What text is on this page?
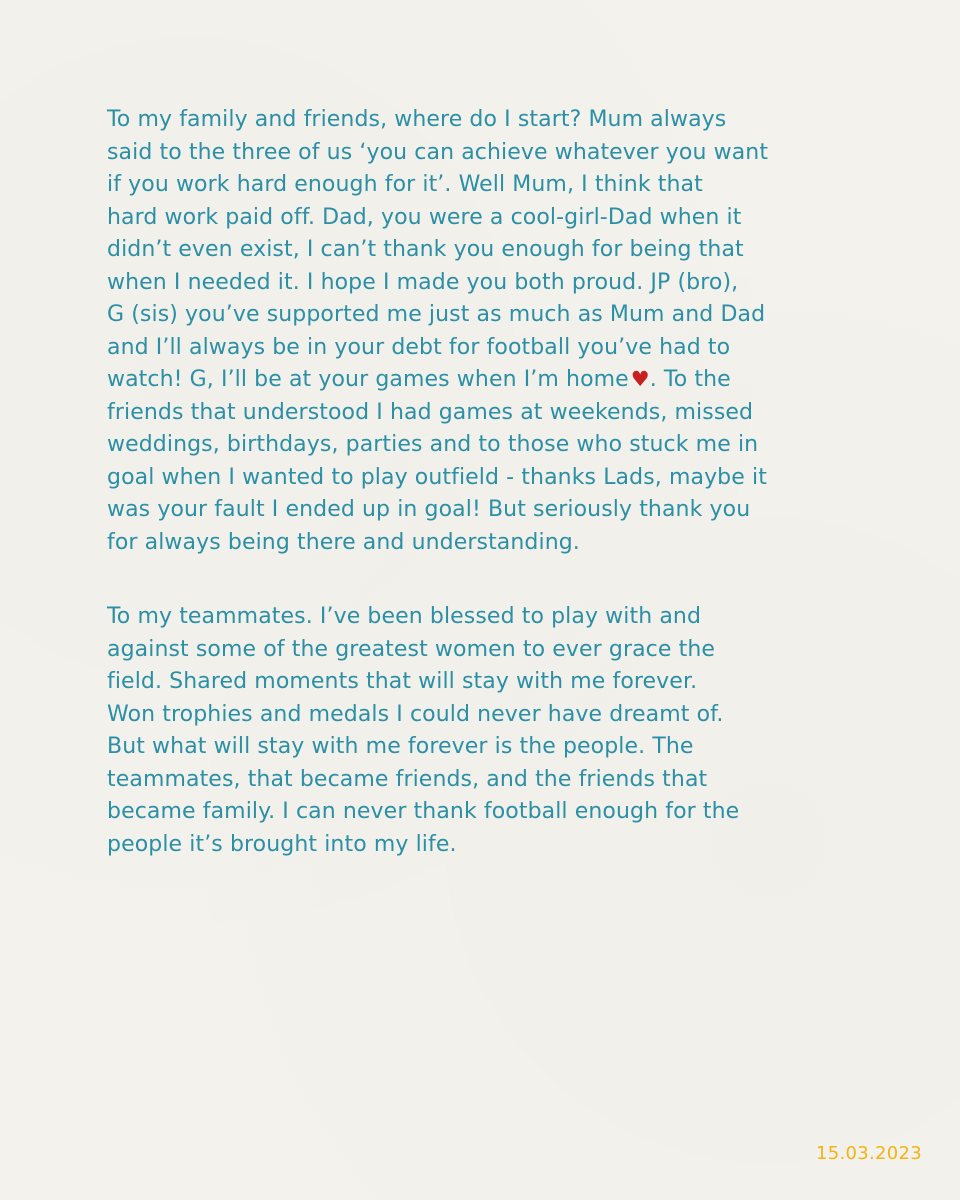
To my family and friends, where do I start? Mum always
said to the three of us ‘you can achieve whatever you want
if you work hard enough for it’. Well Mum, I think that
hard work paid off. Dad, you were a cool-girl-Dad when it
didn’t even exist, I can’t thank you enough for being that
when I needed it. I hope I made you both proud. JP (bro),
G (sis) you’ve supported me just as much as Mum and Dad
and I’ll always be in your debt for football you’ve had to
watch! G, I’ll be at your games when I’m home♥. To the
friends that understood I had games at weekends, missed
weddings, birthdays, parties and to those who stuck me in
goal when I wanted to play outfield - thanks Lads, maybe it
was your fault I ended up in goal! But seriously thank you
for always being there and understanding.
To my teammates. I’ve been blessed to play with and
against some of the greatest women to ever grace the
field. Shared moments that will stay with me forever.
Won trophies and medals I could never have dreamt of.
But what will stay with me forever is the people. The
teammates, that became friends, and the friends that
became family. I can never thank football enough for the
people it’s brought into my life.
15.03.2023
